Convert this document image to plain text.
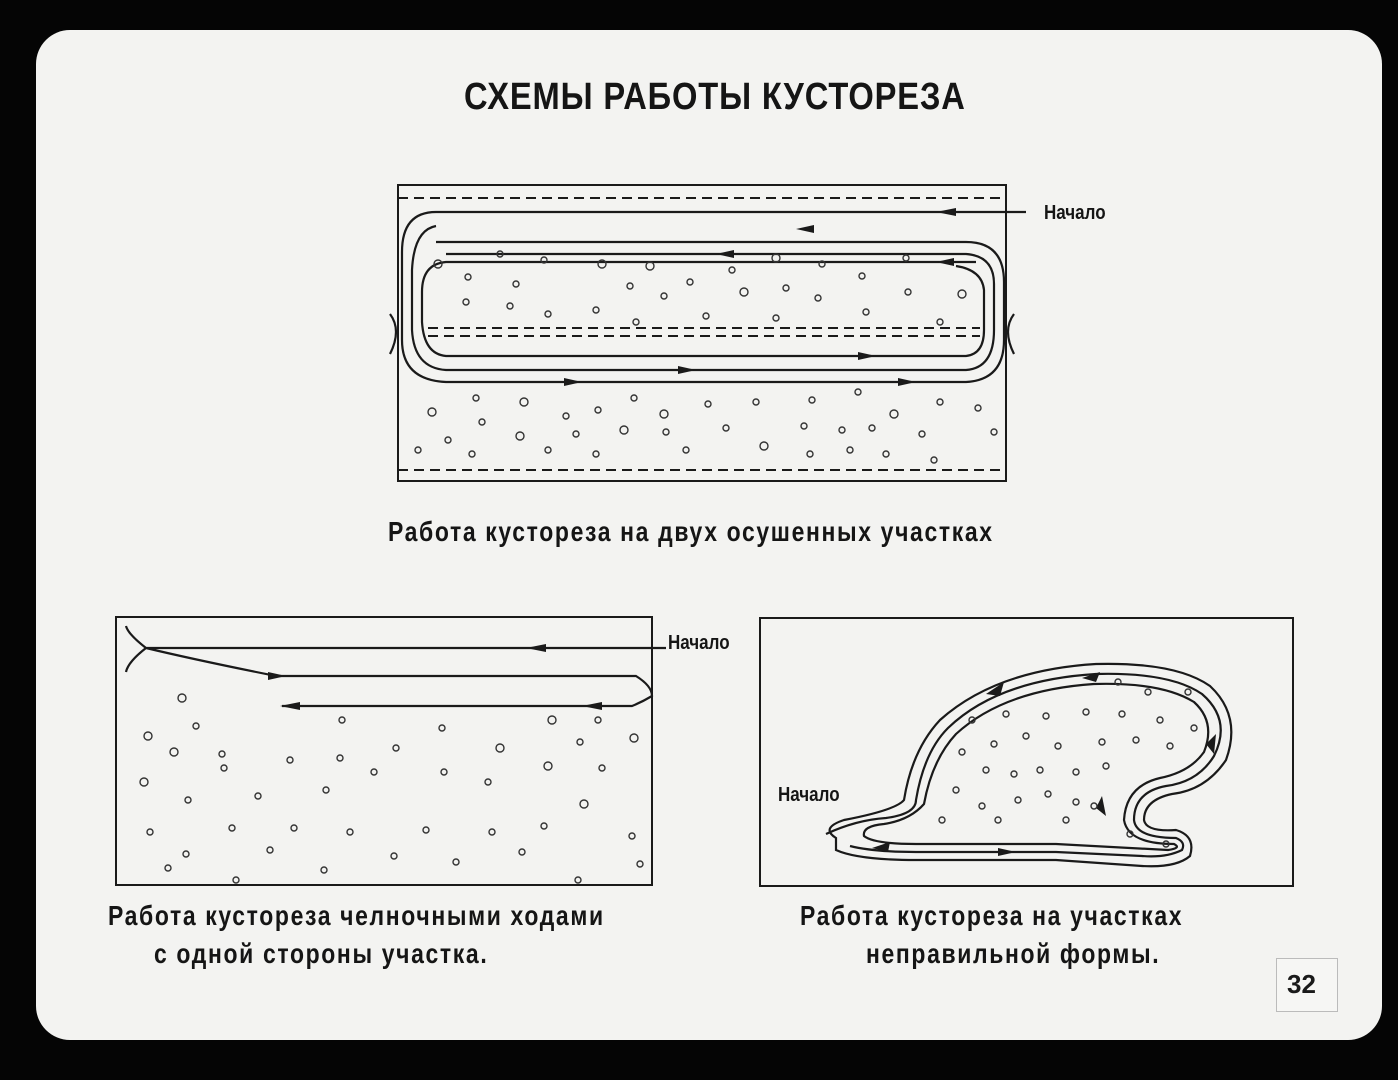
СХЕМЫ РАБОТЫ КУСТОРЕЗА

Начало

Работа кустореза на двух осушенных участках

Начало

Начало

Работа кустореза челночными ходами

с одной стороны участка.

Работа кустореза на участках

неправильной формы.

32
